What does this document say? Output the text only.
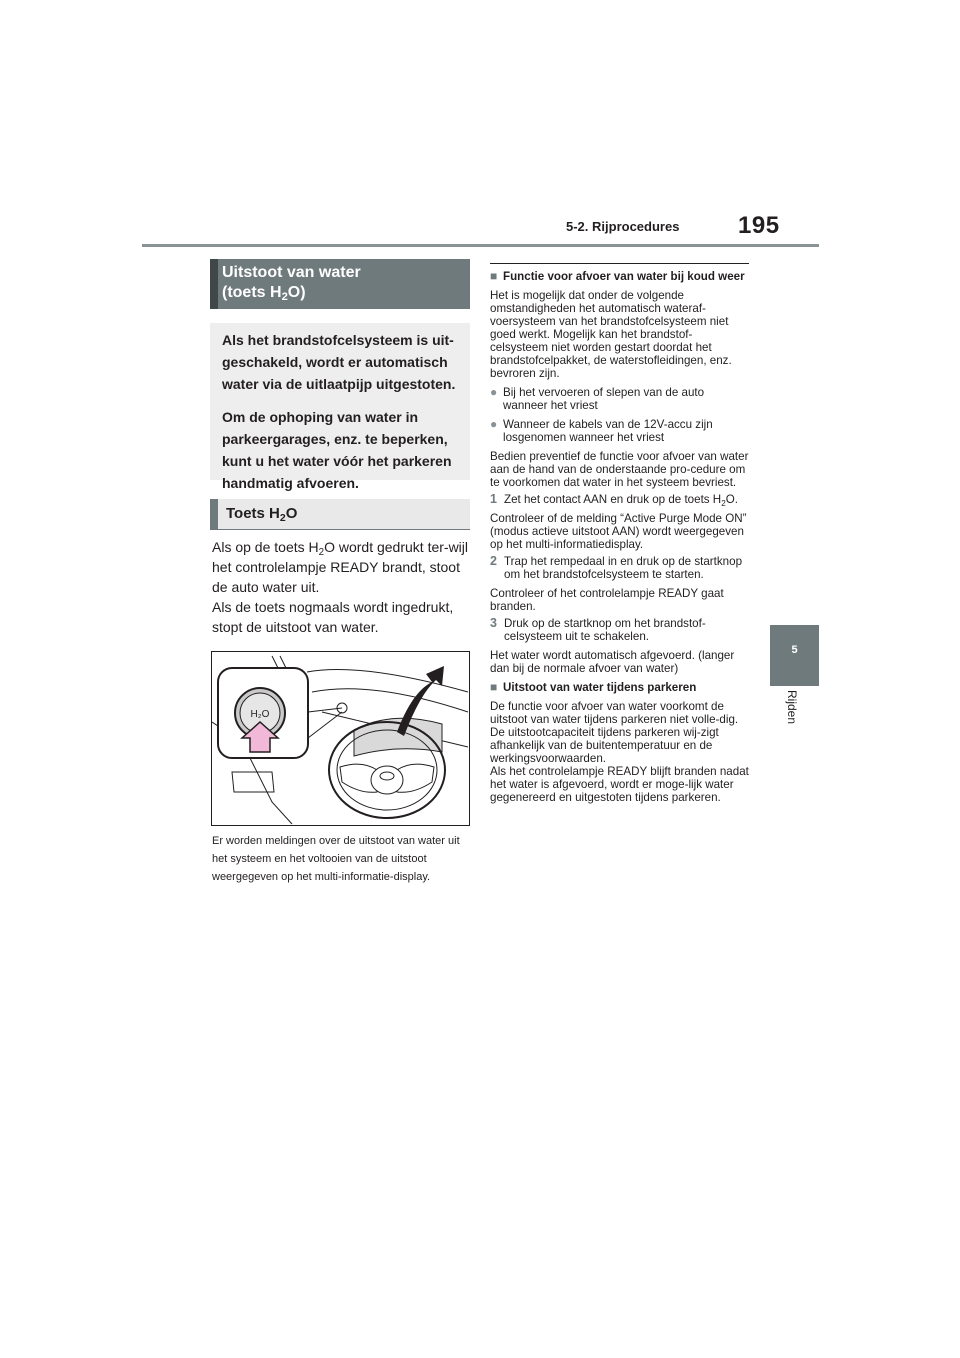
5-2. Rijprocedures 195
5
Rijden
Uitstoot van water
(toets $H_2O$)

Als het brandstofcelsysteem is uit-geschakeld, wordt er automatisch water via de uitlaatpijp uitgestoten.

Om de ophoping van water in parkeergarages, enz. te beperken, kunt u het water vóór het parkeren handmatig afvoeren.

Toets $H_2O$

Als op de toets $H_2O$ wordt gedrukt ter-wijl het controlelampje READY brandt, stoot de auto water uit.

Als de toets nogmaals wordt ingedrukt, stopt de uitstoot van water.

H₂O
Er worden meldingen over de uitstoot van water uit het systeem en het voltooien van de uitstoot weergegeven op het multi-informatie-display.
■ Functie voor afvoer van water bij koud weer

Het is mogelijk dat onder de volgende omstandigheden het automatisch wateraf-voersysteem van het brandstofcelsysteem niet goed werkt. Mogelijk kan het brandstof-celsysteem niet worden gestart doordat het brandstofcelpakket, de waterstofleidingen, enz. bevroren zijn.

● Bij het vervoeren of slepen van de auto wanneer het vriest
● Wanneer de kabels van de 12V-accu zijn losgenomen wanneer het vriest

Bedien preventief de functie voor afvoer van water aan de hand van de onderstaande pro-cedure om te voorkomen dat water in het systeem bevriest.

1 Zet het contact AAN en druk op de toets $H_2O$.

Controleer of de melding “Active Purge Mode ON” (modus actieve uitstoot AAN) wordt weergegeven op het multi-informatiedisplay.

2 Trap het rempedaal in en druk op de startknop om het brandstofcelsysteem te starten.

Controleer of het controlelampje READY gaat branden.

3 Druk op de startknop om het brandstof-celsysteem uit te schakelen.

Het water wordt automatisch afgevoerd. (langer dan bij de normale afvoer van water)

■ Uitstoot van water tijdens parkeren

De functie voor afvoer van water voorkomt de uitstoot van water tijdens parkeren niet volle-dig. De uitstootcapaciteit tijdens parkeren wij-zigt afhankelijk van de buitentemperatuur en de werkingsvoorwaarden.

Als het controlelampje READY blijft branden nadat het water is afgevoerd, wordt er moge-lijk water gegenereerd en uitgestoten tijdens parkeren.
